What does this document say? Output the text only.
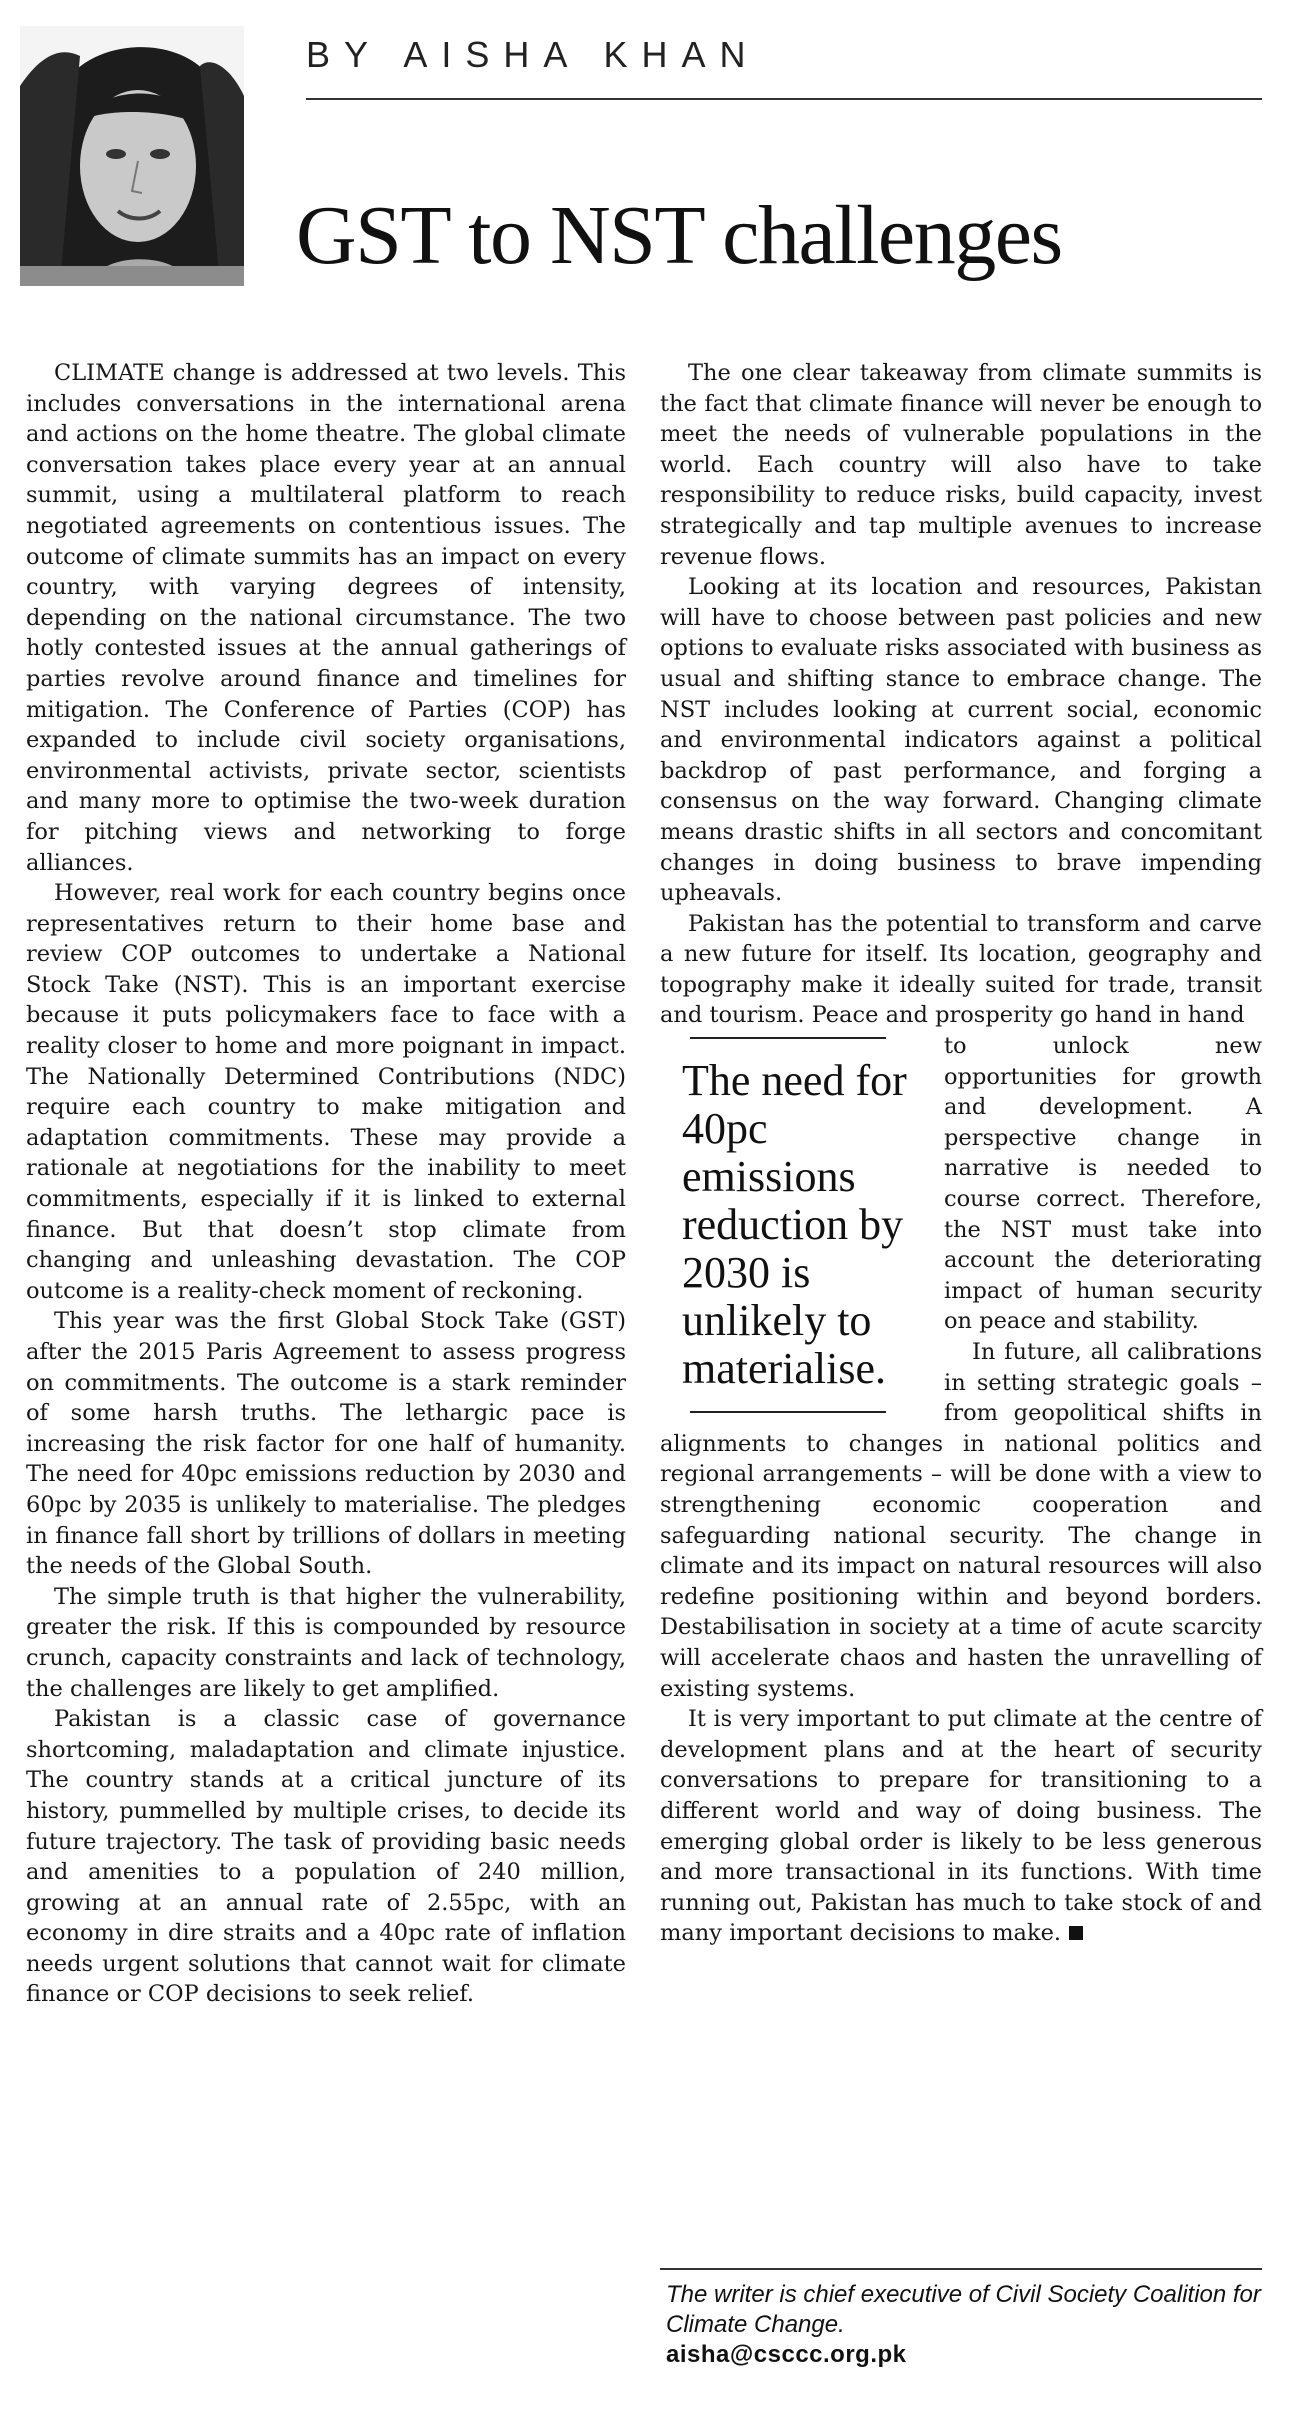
BY AISHA KHAN
GST to NST challenges

CLIMATE change is addressed at two levels. This includes conversations in the international arena and actions on the home theatre. The global climate conversation takes place every year at an annual summit, using a multilateral platform to reach negotiated agreements on contentious issues. The outcome of climate summits has an impact on every country, with varying degrees of intensity, depending on the national circumstance. The two hotly contested issues at the annual gatherings of parties revolve around finance and timelines for mitigation. The Conference of Parties (COP) has expanded to include civil society organisations, environmental activists, private sector, scientists and many more to optimise the two-week duration for pitching views and networking to forge alliances.

However, real work for each country begins once representatives return to their home base and review COP outcomes to undertake a National Stock Take (NST). This is an important exercise because it puts policymakers face to face with a reality closer to home and more poignant in impact. The Nationally Determined Contributions (NDC) require each country to make mitigation and adaptation commitments. These may provide a rationale at negotiations for the inability to meet commitments, especially if it is linked to external finance. But that doesn’t stop climate from changing and unleashing devastation. The COP outcome is a reality-check moment of reckoning.

This year was the first Global Stock Take (GST) after the 2015 Paris Agreement to assess progress on commitments. The outcome is a stark reminder of some harsh truths. The lethargic pace is increasing the risk factor for one half of humanity. The need for 40pc emissions reduction by 2030 and 60pc by 2035 is unlikely to materialise. The pledges in finance fall short by trillions of dollars in meeting the needs of the Global South.

The simple truth is that higher the vulnerability, greater the risk. If this is compounded by resource crunch, capacity constraints and lack of technology, the challenges are likely to get amplified.

Pakistan is a classic case of governance shortcoming, maladaptation and climate injustice. The country stands at a critical juncture of its history, pummelled by multiple crises, to decide its future trajectory. The task of providing basic needs and amenities to a population of 240 million, growing at an annual rate of 2.55pc, with an economy in dire straits and a 40pc rate of inflation needs urgent solutions that cannot wait for climate finance or COP decisions to seek relief.

The one clear takeaway from climate summits is the fact that climate finance will never be enough to meet the needs of vulnerable populations in the world. Each country will also have to take responsibility to reduce risks, build capacity, invest strategically and tap multiple avenues to increase revenue flows.

Looking at its location and resources, Pakistan will have to choose between past policies and new options to evaluate risks associated with business as usual and shifting stance to embrace change. The NST includes looking at current social, economic and environmental indicators against a political backdrop of past performance, and forging a consensus on the way forward. Changing climate means drastic shifts in all sectors and concomitant changes in doing business to brave impending upheavals.

Pakistan has the potential to transform and carve a new future for itself. Its location, geography and topography make it ideally suited for trade, transit and tourism. Peace and prosperity go hand in hand

The need for 40pc emissions reduction by 2030 is unlikely to materialise.

to unlock new opportunities for growth and development. A perspective change in narrative is needed to course correct. Therefore, the NST must take into account the deteriorating impact of human security on peace and stability.

In future, all calibrations in setting strategic goals – from geopolitical shifts in alignments to changes in national politics and regional arrangements – will be done with a view to strengthening economic cooperation and safeguarding national security. The change in climate and its impact on natural resources will also redefine positioning within and beyond borders. Destabilisation in society at a time of acute scarcity will accelerate chaos and hasten the unravelling of existing systems.

It is very important to put climate at the centre of development plans and at the heart of security conversations to prepare for transitioning to a different world and way of doing business. The emerging global order is likely to be less generous and more transactional in its functions. With time running out, Pakistan has much to take stock of and many important decisions to make.

The writer is chief executive of Civil Society Coalition for Climate Change.

aisha@csccc.org.pk
